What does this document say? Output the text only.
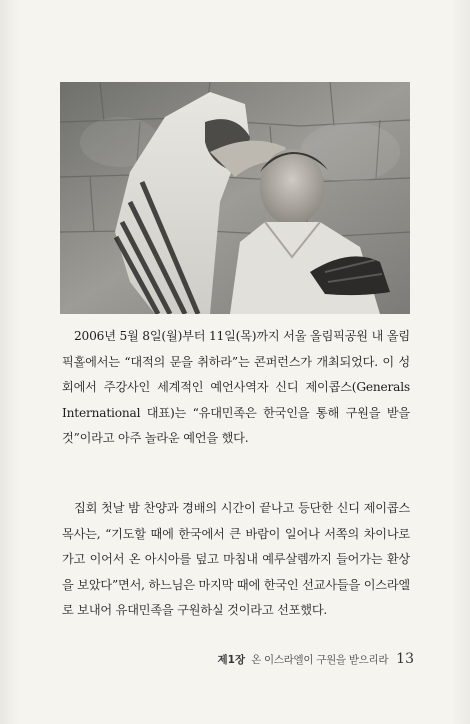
2006년 5월 8일(월)부터 11일(목)까지 서울 올림픽공원 내 올림픽홀에서는 “대적의 문을 취하라”는 콘퍼런스가 개최되었다. 이 성회에서 주강사인 세계적인 예언사역자 신디 제이콥스(Generals International 대표)는 “유대민족은 한국인을 통해 구원을 받을 것”이라고 아주 놀라운 예언을 했다.

집회 첫날 밤 찬양과 경배의 시간이 끝나고 등단한 신디 제이콥스 목사는, “기도할 때에 한국에서 큰 바람이 일어나 서쪽의 차이나로 가고 이어서 온 아시아를 덮고 마침내 예루살렘까지 들어가는 환상을 보았다”면서, 하느님은 마지막 때에 한국인 선교사들을 이스라엘로 보내어 유대민족을 구원하실 것이라고 선포했다.

제1장 온 이스라엘이 구원을 받으리라 13
